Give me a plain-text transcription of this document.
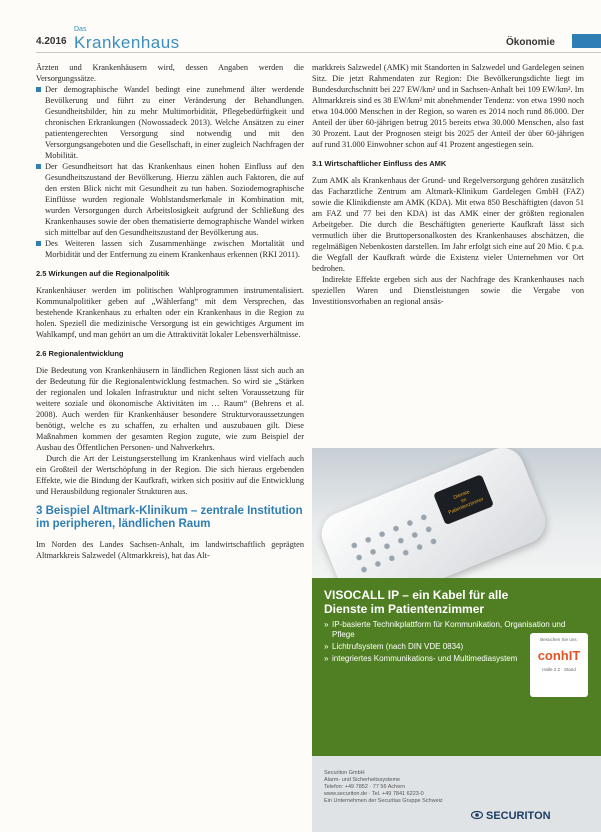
4.2016
Das
Krankenhaus	Ökonomie

Ärzten und Krankenhäusern wird, dessen Angaben werden die Versorgungssätze.

Der demographische Wandel bedingt eine zunehmend älter werdende Bevölkerung und führt zu einer Veränderung der Behandlungen. Gesundheitsbilder, hin zu mehr Multimorbidität, Pflegebedürftigkeit und chronischen Erkrankungen (Nowossadeck 2013). Welche Ansätzen zu einer patientengerechten Versorgung sind notwendig und mit den Versorgungsangeboten und die Gesellschaft, in einer zugleich Nachfragen der Mobilität.
Der Gesundheitsort hat das Krankenhaus einen hohen Einfluss auf den Gesundheitszustand der Bevölkerung. Hierzu zählen auch Faktoren, die auf den ersten Blick nicht mit Gesundheit zu tun haben. Soziodemographische Einflüsse wurden regionale Wohlstandsmerkmale in Kombination mit, wurden Versorgungen durch Arbeitslosigkeit aufgrund der Schließung des Krankenhauses sowie der oben thematisierte demographische Wandel wirken sich mittelbar auf den Gesundheitszustand der Bevölkerung aus.
Des Weiteren lassen sich Zusammenhänge zwischen Mortalität und Morbidität und der Entfernung zu einem Krankenhaus erkennen (RKI 2011).
2.5 Wirkungen auf die Regionalpolitik

Krankenhäuser werden im politischen Wahlprogrammen instrumentalisiert. Kommunalpolitiker geben auf „Wählerfang“ mit dem Versprechen, das bestehende Krankenhaus zu erhalten oder ein Krankenhaus in die Region zu holen. Speziell die medizinische Versorgung ist ein gewichtiges Argument im Wahlkampf, und man gehört an um die Attraktivität lokaler Lebensverhältnisse.

2.6 Regionalentwicklung

Die Bedeutung von Krankenhäusern in ländlichen Regionen lässt sich auch an der Bedeutung für die Regionalentwicklung festmachen. So wird sie „Stärken der regionalen und lokalen Infrastruktur und nicht selten Voraussetzung für weitere soziale und ökonomische Aktivitäten im … Raum“ (Behrens et al. 2008). Auch werden für Krankenhäuser besondere Strukturvoraussetzungen benötigt, welche es zu schaffen, zu erhalten und auszubauen gilt. Diese Maßnahmen kommen der gesamten Region zugute, wie zum Beispiel der Ausbau des Öffentlichen Personen- und Nahverkehrs.

Durch die Art der Leistungserstellung im Krankenhaus wird vielfach auch ein Großteil der Wertschöpfung in der Region. Die sich hieraus ergebenden Effekte, wie die Bindung der Kaufkraft, wirken sich positiv auf die Entwicklung und Herausbildung regionaler Strukturen aus.

3 Beispiel Altmark-Klinikum – zentrale Institution im peripheren, ländlichen Raum

Im Norden des Landes Sachsen-Anhalt, im landwirtschaftlich geprägten Altmarkkreis Salzwedel (Altmarkkreis), hat das Alt-

markkreis Salzwedel (AMK) mit Standorten in Salzwedel und Gardelegen seinen Sitz. Die jetzt Rahmendaten zur Region: Die Bevölkerungsdichte liegt im Bundesdurchschnitt bei 227 EW/km² und in Sachsen-Anhalt bei 109 EW/km². Im Altmarkkreis sind es 38 EW/km² mit abnehmender Tendenz: von etwa 1990 noch etwa 104.000 Menschen in der Region, so waren es 2014 noch rund 86.000. Der Anteil der über 60-jährigen betrug 2015 bereits etwa 30.000 Menschen, also fast 30 Prozent. Laut der Prognosen steigt bis 2025 der Anteil der über 60-jährigen auf rund 31.000 Einwohner schon auf 41 Prozent angestiegen sein.

3.1 Wirtschaftlicher Einfluss des AMK

Zum AMK als Krankenhaus der Grund- und Regelversorgung gehören zusätzlich das Facharztliche Zentrum am Altmark-Klinikum Gardelegen GmbH (FAZ) sowie die Klinikdienste am AMK (KDA). Mit etwa 850 Beschäftigten (davon 51 am FAZ und 77 bei den KDA) ist das AMK einer der größten regionalen Arbeitgeber. Die durch die Beschäftigten generierte Kaufkraft lässt sich vermutlich über die Bruttopersonalkosten des Krankenhauses abschätzen, die regelmäßigen Nebenkosten darstellen. Im Jahr erfolgt sich eine auf 20 Mio. € p.a. die Wegfall der Kaufkraft würde die Existenz vieler Unternehmen vor Ort bedrohen.

Indirekte Effekte ergeben sich aus der Nachfrage des Krankenhauses nach speziellen Waren und Dienstleistungen sowie die Vergabe von Investitionsvorhaben an regional ansäs-

Dienste
im Patientenzimmer
VISOCALL IP – ein Kabel für alle Dienste im Patientenzimmer
» IP-basierte Technikplattform für Kommunikation, Organisation und Pflege
» Lichtrufsystem (nach DIN VDE 0834)
» integriertes Kommunikations- und Multimediasystem
Besuchen Sie uns:
conhIT
Halle 2.2 · Stand
Securiton GmbH
Alarm- und Sicherheitssysteme
Telefon: +49 7852 · 77 56 Achern
www.securiton.de · Tel. +49 7841 6223-0
Ein Unternehmen der Securitas Gruppe Schweiz
SECURITON
